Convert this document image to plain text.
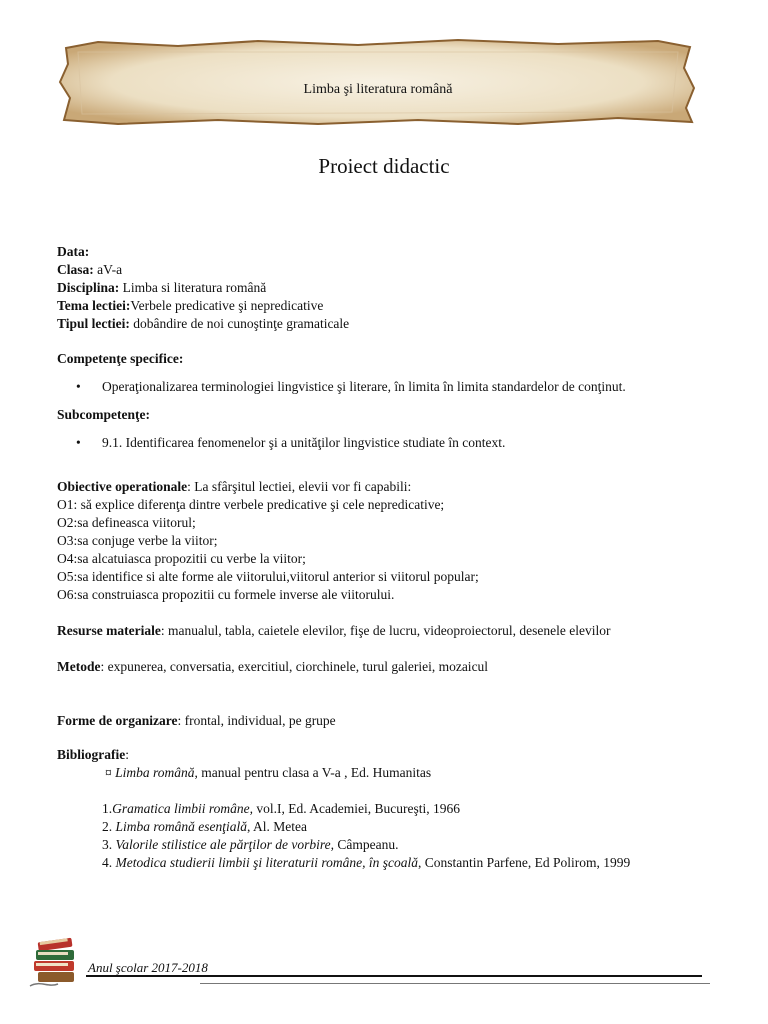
Limba şi literatura română
Proiect didactic
Data:
Clasa: aV-a
Disciplina: Limba si literatura română
Tema lectiei:Verbele predicative şi nepredicative
Tipul lectiei: dobândire de noi cunoştinţe gramaticale
Competenţe specifice:
• Operaţionalizarea terminologiei lingvistice şi literare, în limita în limita standardelor de conţinut.
Subcompetenţe:
• 9.1. Identificarea fenomenelor şi a unităţilor lingvistice studiate în context.
Obiective operationale: La sfârşitul lectiei, elevii vor fi capabili:
O1: să explice diferenţa dintre verbele predicative şi cele nepredicative;
O2:sa defineasca viitorul;
O3:sa conjuge verbe la viitor;
O4:sa alcatuiasca propozitii cu verbe la viitor;
O5:sa identifice si alte forme ale viitorului,viitorul anterior si viitorul popular;
O6:sa construiasca propozitii cu formele inverse ale viitorului.
Resurse materiale: manualul, tabla, caietele elevilor, fişe de lucru, videoproiectorul, desenele elevilor
Metode: expunerea, conversatia, exercitiul, ciorchinele, turul galeriei, mozaicul
Forme de organizare: frontal, individual, pe grupe
Bibliografie:
¤ Limba română, manual pentru clasa a V-a , Ed. Humanitas
1.Gramatica limbii române, vol.I, Ed. Academiei, Bucureşti, 1966
2. Limba română esenţială, Al. Metea
3. Valorile stilistice ale părţilor de vorbire, Câmpeanu.
4. Metodica studierii limbii şi literaturii române, în şcoală, Constantin Parfene, Ed Polirom, 1999
Anul şcolar 2017-2018
